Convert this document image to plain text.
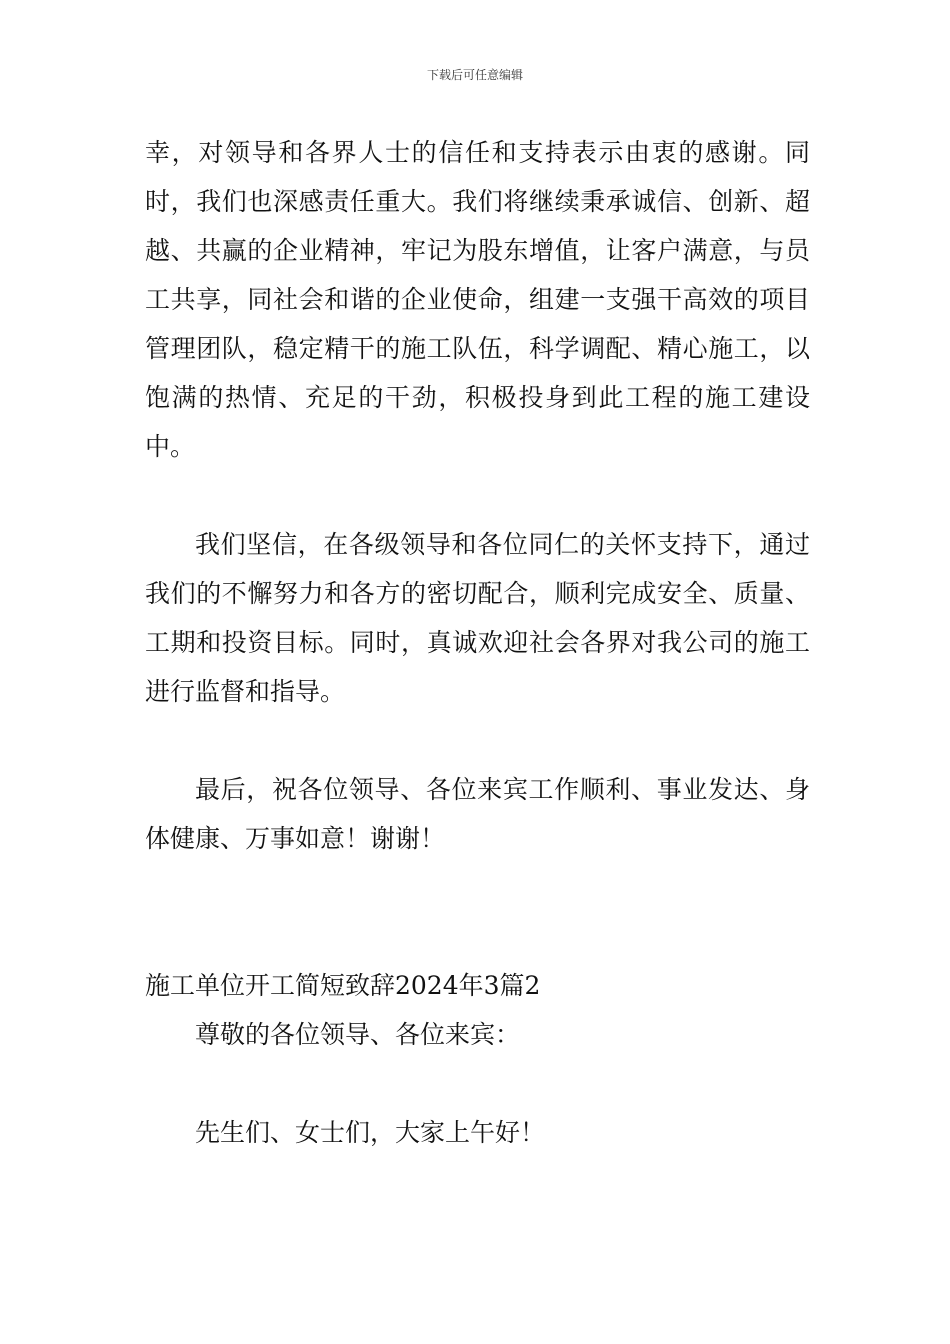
下载后可任意编辑

幸，对领导和各界人士的信任和支持表示由衷的感谢。同时，我们也深感责任重大。我们将继续秉承诚信、创新、超越、共赢的企业精神，牢记为股东增值，让客户满意，与员工共享，同社会和谐的企业使命，组建一支强干高效的项目管理团队，稳定精干的施工队伍，科学调配、精心施工，以饱满的热情、充足的干劲，积极投身到此工程的施工建设中。

我们坚信，在各级领导和各位同仁的关怀支持下，通过我们的不懈努力和各方的密切配合，顺利完成安全、质量、工期和投资目标。同时，真诚欢迎社会各界对我公司的施工进行监督和指导。

最后，祝各位领导、各位来宾工作顺利、事业发达、身体健康、万事如意！谢谢！

施工单位开工简短致辞2024年3篇2

尊敬的各位领导、各位来宾：

先生们、女士们，大家上午好！
